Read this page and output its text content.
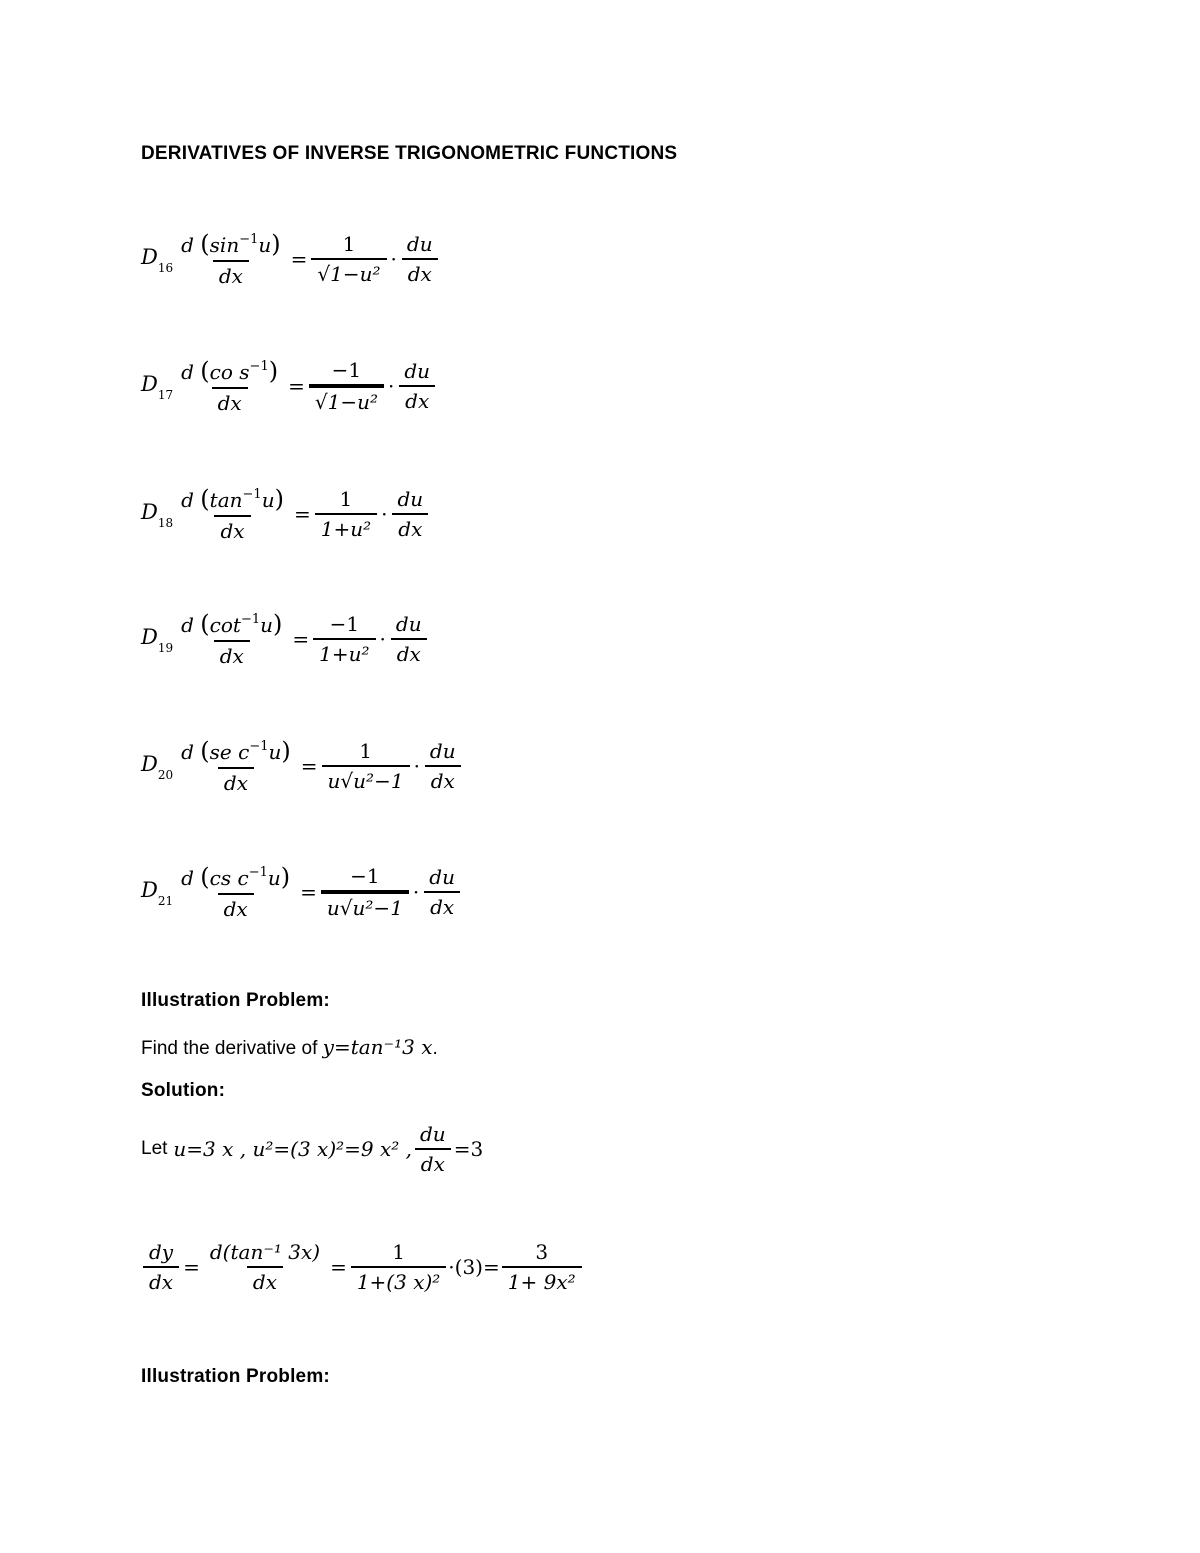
DERIVATIVES OF INVERSE TRIGONOMETRIC FUNCTIONS
$D_{16} \frac{d (\sin^{-1}u)}{dx} = \frac{1}{\text{√1−u²}} \cdot \frac{du}{dx}$
$D_{17} \frac{d (co s^{-1})}{dx} = \frac{-1}{\text{√1−u²}} \cdot \frac{du}{dx}$
$D_{18} \frac{d (\tan^{-1}u)}{dx} = \frac{1}{\text{1+u²}} \cdot \frac{du}{dx}$
$D_{19} \frac{d (\cot^{-1}u)}{dx} = \frac{-1}{\text{1+u²}} \cdot \frac{du}{dx}$
$D_{20} \frac{d (se c^{-1}u)}{dx} = \frac{1}{\text{u√u²−1}} \cdot \frac{du}{dx}$
$D_{21} \frac{d (cs c^{-1}u)}{dx} = \frac{-1}{\text{u√u²−1}} \cdot \frac{du}{dx}$
Illustration Problem:
Find the derivative of y=tan⁻¹3 x.
Solution:
Let u=3 x , u²=(3 x)²=9 x² , $\frac{du}{dx} =3$
$\frac{dy}{dx} = \frac{\text{d(tan⁻¹ 3x)}}{dx} = \frac{1}{\text{1+(3 x)²}} \cdot(3)= \frac{3}{\text{1+ 9x²}}$
Illustration Problem:
